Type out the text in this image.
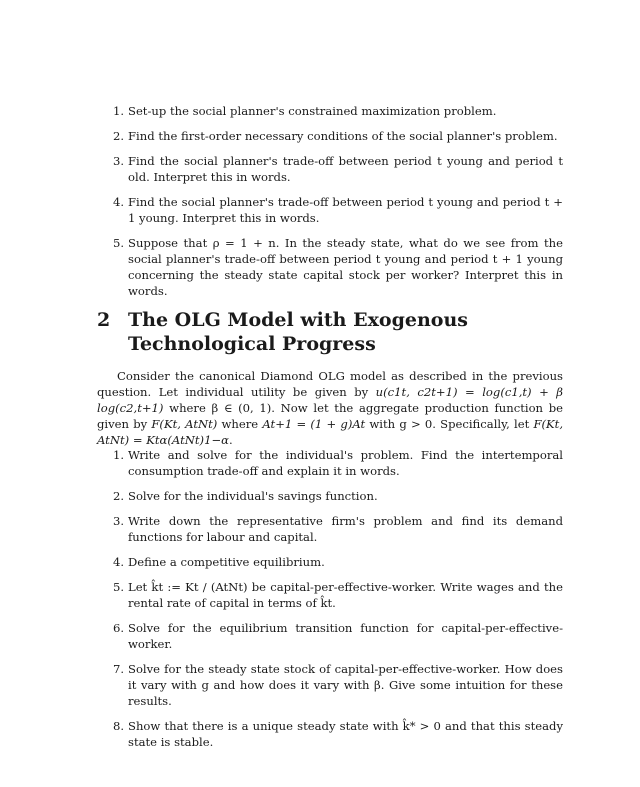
1. Set-up the social planner's constrained maximization problem.
2. Find the first-order necessary conditions of the social planner's problem.
3. Find the social planner's trade-off between period t young and period t old. Interpret this in words.
4. Find the social planner's trade-off between period t young and period t + 1 young. Interpret this in words.
5. Suppose that ρ = 1 + n. In the steady state, what do we see from the social planner's trade-off between period t young and period t + 1 young concerning the steady state capital stock per worker? Interpret this in words.
2 The OLG Model with Exogenous Technological Progress

Consider the canonical Diamond OLG model as described in the previous question. Let individual utility be given by u(c1t, c2t+1) = log(c1,t) + β log(c2,t+1) where β ∈ (0, 1). Now let the aggregate production function be given by F(Kt, AtNt) where At+1 = (1 + g)At with g > 0. Specifically, let F(Kt, AtNt) = Ktα(AtNt)1−α.

1. Write and solve for the individual's problem. Find the intertemporal consumption trade-off and explain it in words.
2. Solve for the individual's savings function.
3. Write down the representative firm's problem and find its demand functions for labour and capital.
4. Define a competitive equilibrium.
5. Let k̂t := Kt / (AtNt) be capital-per-effective-worker. Write wages and the rental rate of capital in terms of k̂t.
6. Solve for the equilibrium transition function for capital-per-effective-worker.
7. Solve for the steady state stock of capital-per-effective-worker. How does it vary with g and how does it vary with β. Give some intuition for these results.
8. Show that there is a unique steady state with k̂* > 0 and that this steady state is stable.
